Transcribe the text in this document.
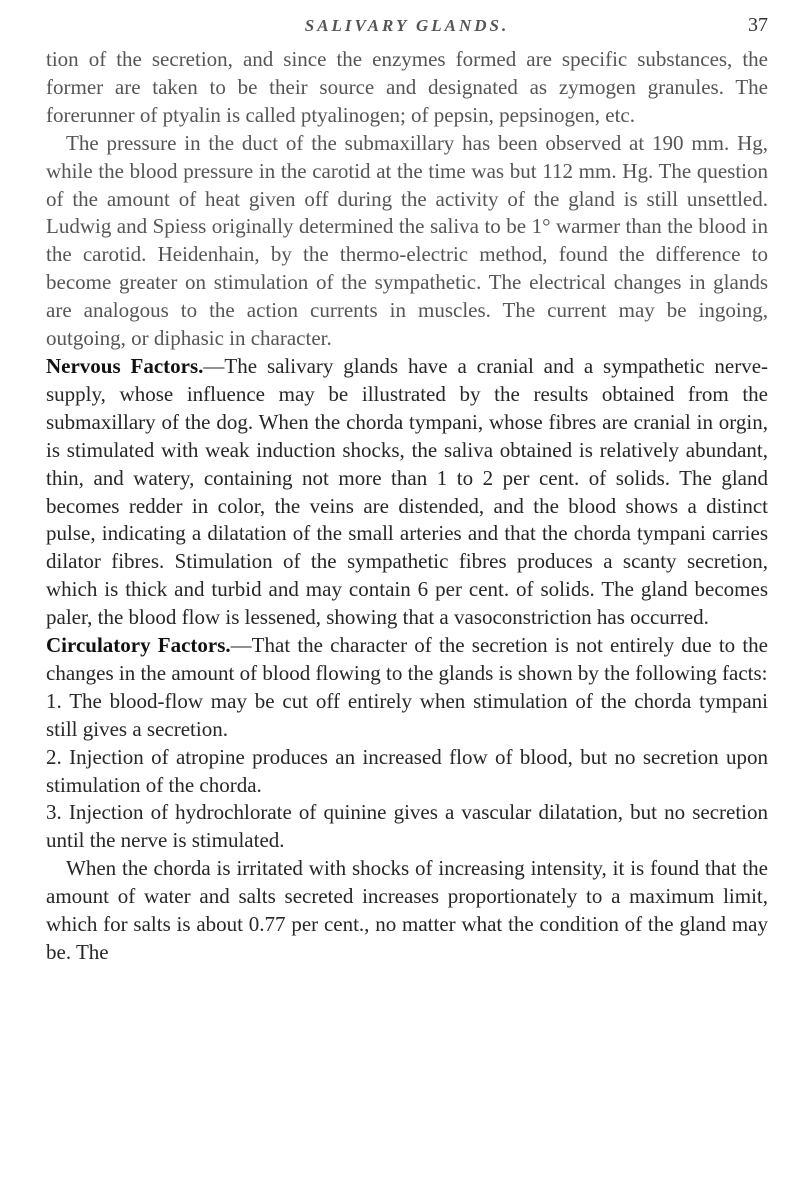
SALIVARY GLANDS.	37

tion of the secretion, and since the enzymes formed are specific substances, the former are taken to be their source and designated as zymogen granules. The forerunner of ptyalin is called ptyalinogen; of pepsin, pepsinogen, etc.

The pressure in the duct of the submaxillary has been observed at 190 mm. Hg, while the blood pressure in the carotid at the time was but 112 mm. Hg. The question of the amount of heat given off during the activity of the gland is still unsettled. Ludwig and Spiess originally determined the saliva to be 1° warmer than the blood in the carotid. Heidenhain, by the thermo-electric method, found the difference to become greater on stimulation of the sympathetic. The electrical changes in glands are analogous to the action currents in muscles. The current may be ingoing, outgoing, or diphasic in character.

Nervous Factors.—The salivary glands have a cranial and a sympathetic nerve-supply, whose influence may be illustrated by the results obtained from the submaxillary of the dog. When the chorda tympani, whose fibres are cranial in orgin, is stimulated with weak induction shocks, the saliva obtained is relatively abundant, thin, and watery, containing not more than 1 to 2 per cent. of solids. The gland becomes redder in color, the veins are distended, and the blood shows a distinct pulse, indicating a dilatation of the small arteries and that the chorda tympani carries dilator fibres. Stimulation of the sympathetic fibres produces a scanty secretion, which is thick and turbid and may contain 6 per cent. of solids. The gland becomes paler, the blood flow is lessened, showing that a vasoconstriction has occurred.

Circulatory Factors.—That the character of the secretion is not entirely due to the changes in the amount of blood flowing to the glands is shown by the following facts:

1. The blood-flow may be cut off entirely when stimulation of the chorda tympani still gives a secretion.

2. Injection of atropine produces an increased flow of blood, but no secretion upon stimulation of the chorda.

3. Injection of hydrochlorate of quinine gives a vascular dilatation, but no secretion until the nerve is stimulated.

When the chorda is irritated with shocks of increasing intensity, it is found that the amount of water and salts secreted increases proportionately to a maximum limit, which for salts is about 0.77 per cent., no matter what the condition of the gland may be. The
